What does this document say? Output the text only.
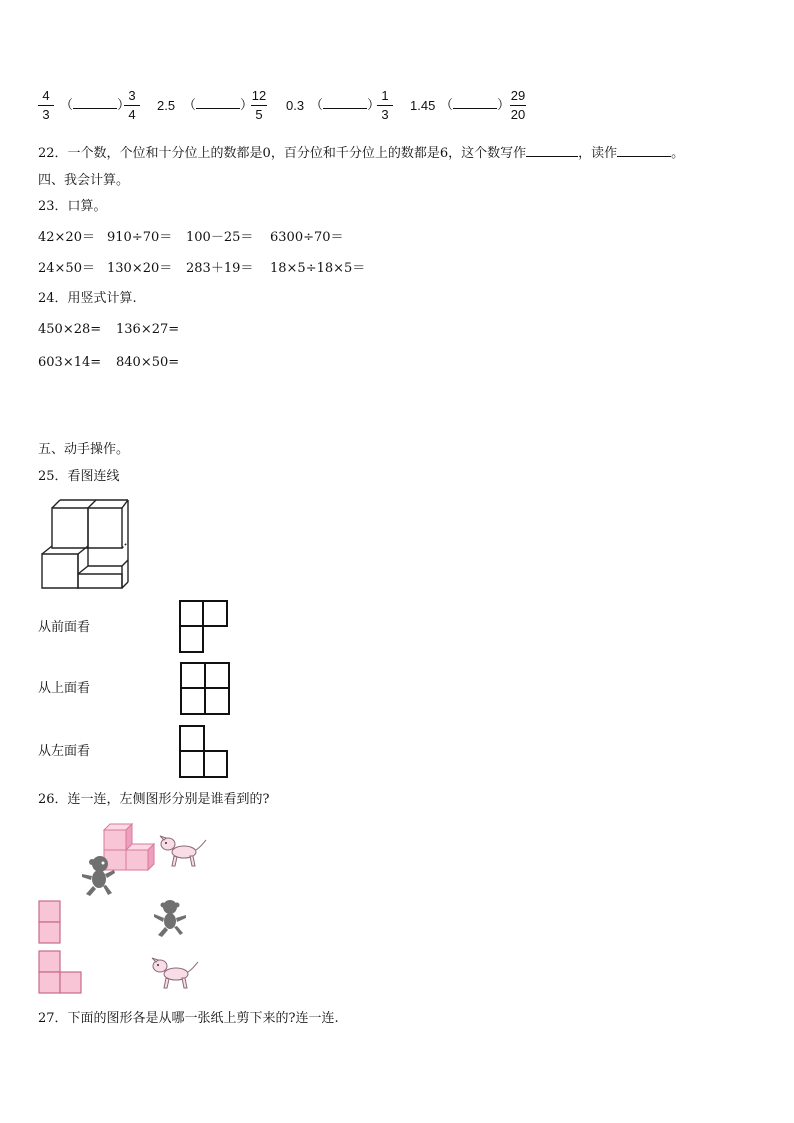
4
3
（	）
3
4
2.5 （	）
12
5
0.3 （	）
1
3
1.45 （	）
29
20
22．一个数，个位和十分位上的数都是0，百分位和千分位上的数都是6，这个数写作	，读作	。
四、我会计算。
23．口算。
42×20＝ 910÷70＝ 100－25＝ 6300÷70＝
24×50＝ 130×20＝ 283＋19＝ 18×5÷18×5＝
24．用竖式计算.
450×28= 136×27=
603×14= 840×50=
五、动手操作。
25．看图连线
从前面看
从上面看
从左面看
26．连一连，左侧图形分别是谁看到的?
27．下面的图形各是从哪一张纸上剪下来的?连一连.
